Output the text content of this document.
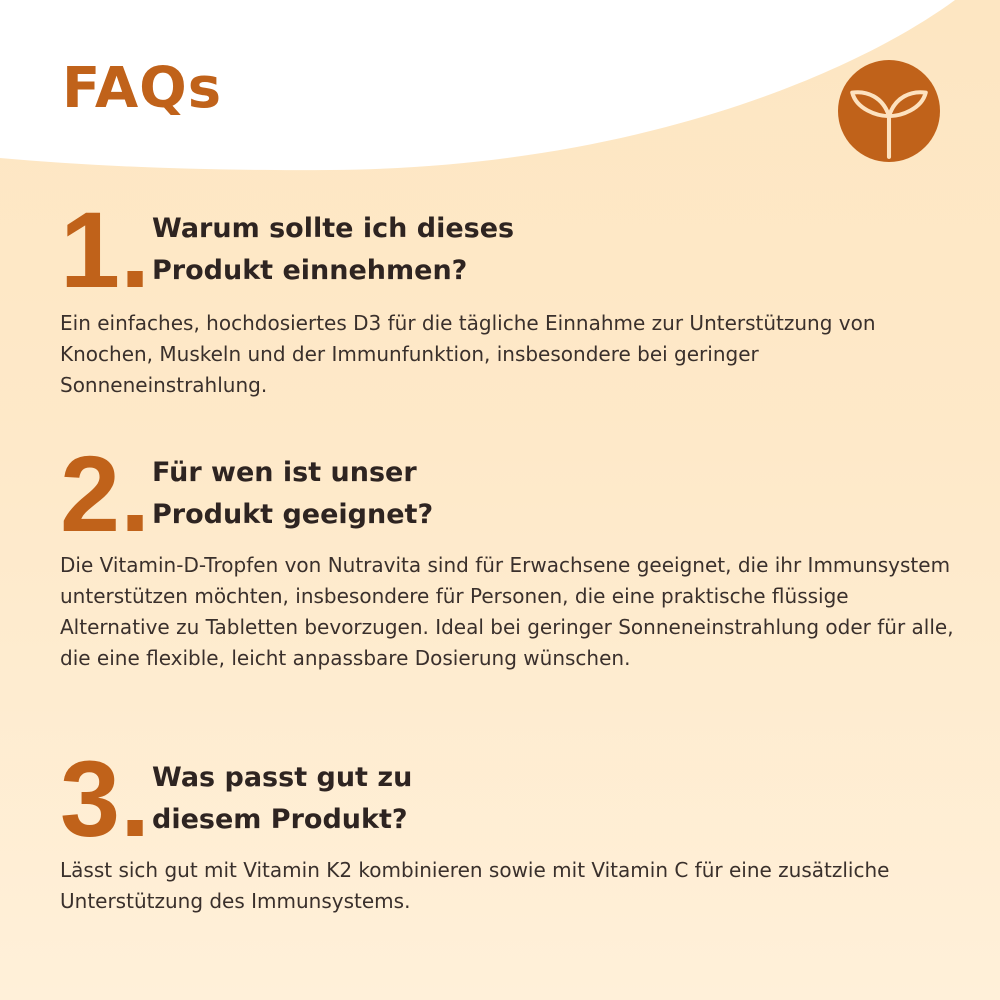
FAQs
1. Warum sollte ich dieses
Produkt einnehmen?

Ein einfaches, hochdosiertes D3 für die tägliche Einnahme zur Unterstützung von Knochen, Muskeln und der Immunfunktion, insbesondere bei geringer Sonneneinstrahlung.

2. Für wen ist unser
Produkt geeignet?

Die Vitamin-D-Tropfen von Nutravita sind für Erwachsene geeignet, die ihr Immunsystem unterstützen möchten, insbesondere für Personen, die eine praktische flüssige Alternative zu Tabletten bevorzugen. Ideal bei geringer Sonneneinstrahlung oder für alle, die eine flexible, leicht anpassbare Dosierung wünschen.

3. Was passt gut zu
diesem Produkt?

Lässt sich gut mit Vitamin K2 kombinieren sowie mit Vitamin C für eine zusätzliche Unterstützung des Immunsystems.
